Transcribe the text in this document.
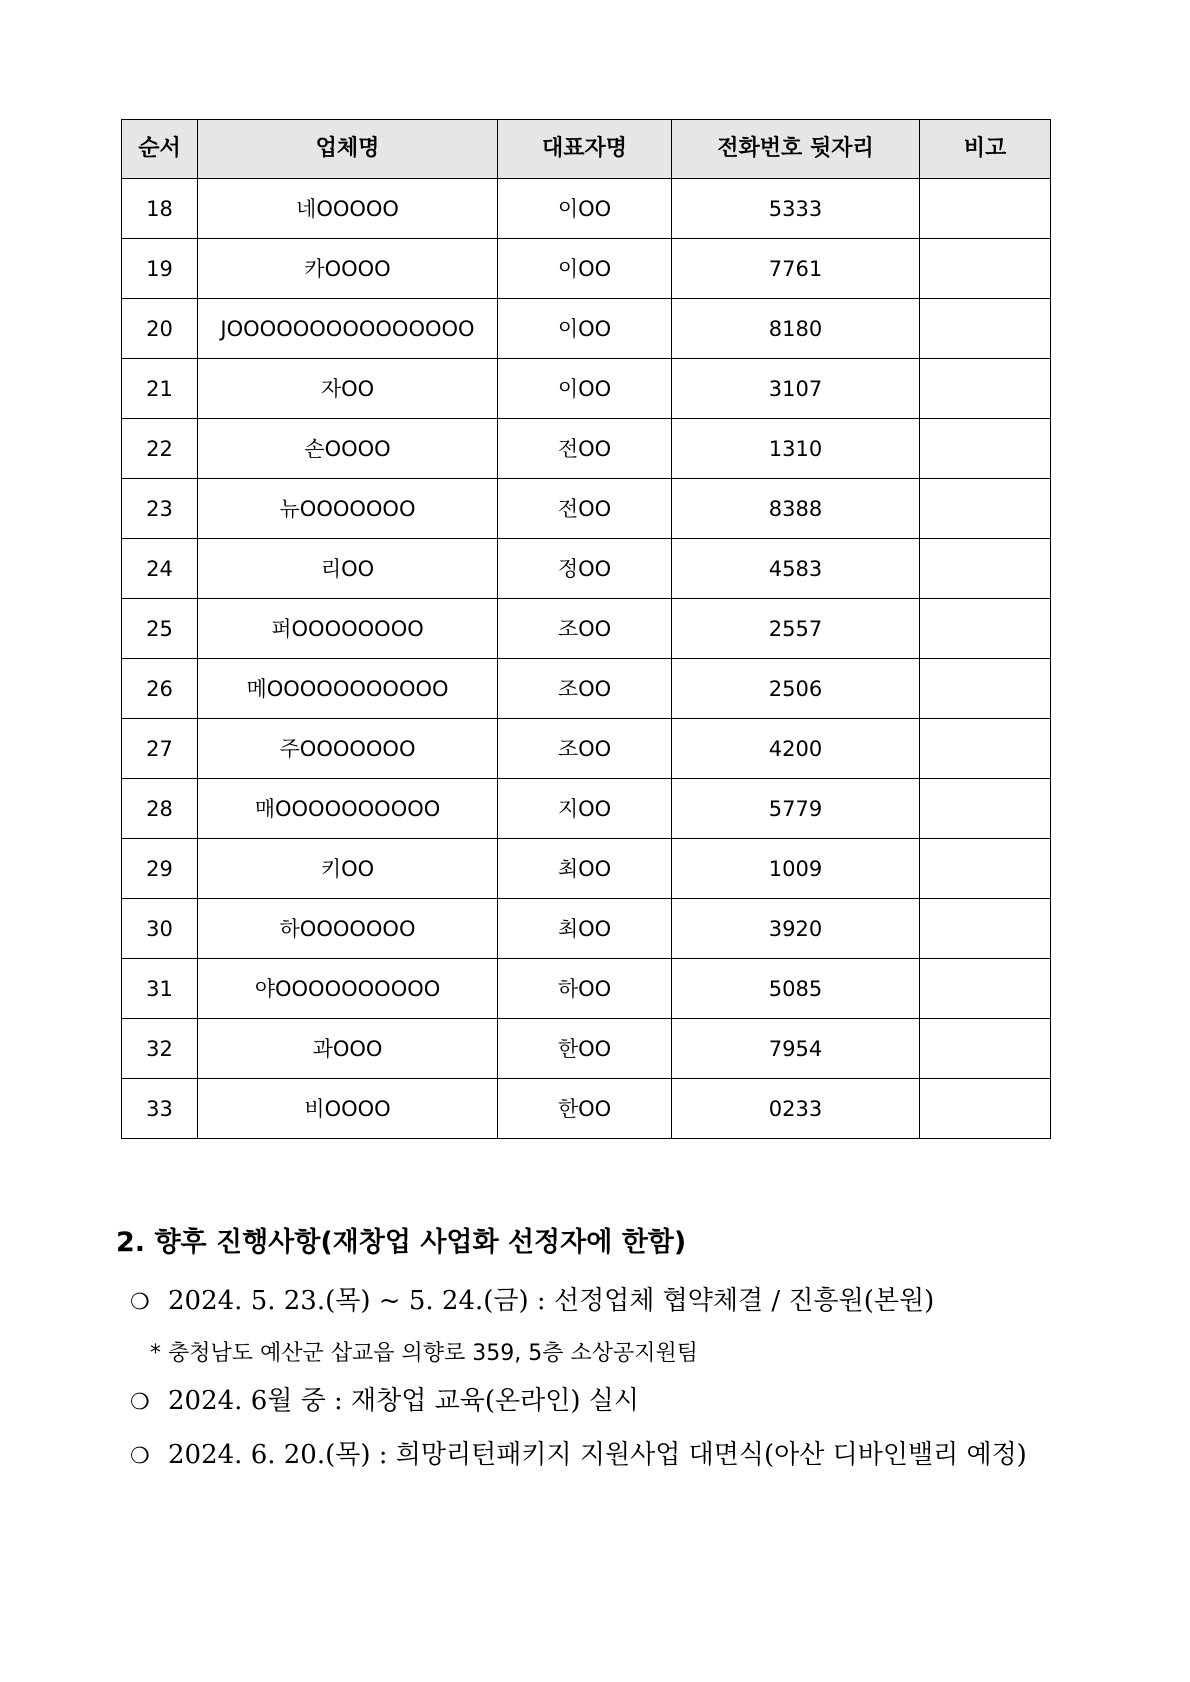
순서	업체명	대표자명	전화번호 뒷자리	비고
18	네OOOOO	이OO	5333	
19	카OOOO	이OO	7761	
20	JOOOOOOOOOOOOOOO	이OO	8180	
21	자OO	이OO	3107	
22	손OOOO	전OO	1310	
23	뉴OOOOOOO	전OO	8388	
24	리OO	정OO	4583	
25	퍼OOOOOOOO	조OO	2557	
26	메OOOOOOOOOOO	조OO	2506	
27	주OOOOOOO	조OO	4200	
28	매OOOOOOOOOO	지OO	5779	
29	키OO	최OO	1009	
30	하OOOOOOO	최OO	3920	
31	야OOOOOOOOOO	하OO	5085	
32	과OOO	한OO	7954	
33	비OOOO	한OO	0233	
2. 향후 진행사항(재창업 사업화 선정자에 한함)
❍ 2024. 5. 23.(목) ~ 5. 24.(금) : 선정업체 협약체결 / 진흥원(본원)
* 충청남도 예산군 삽교읍 의향로 359, 5층 소상공지원팀
❍ 2024. 6월 중 : 재창업 교육(온라인) 실시
❍ 2024. 6. 20.(목) : 희망리턴패키지 지원사업 대면식(아산 디바인밸리 예정)
